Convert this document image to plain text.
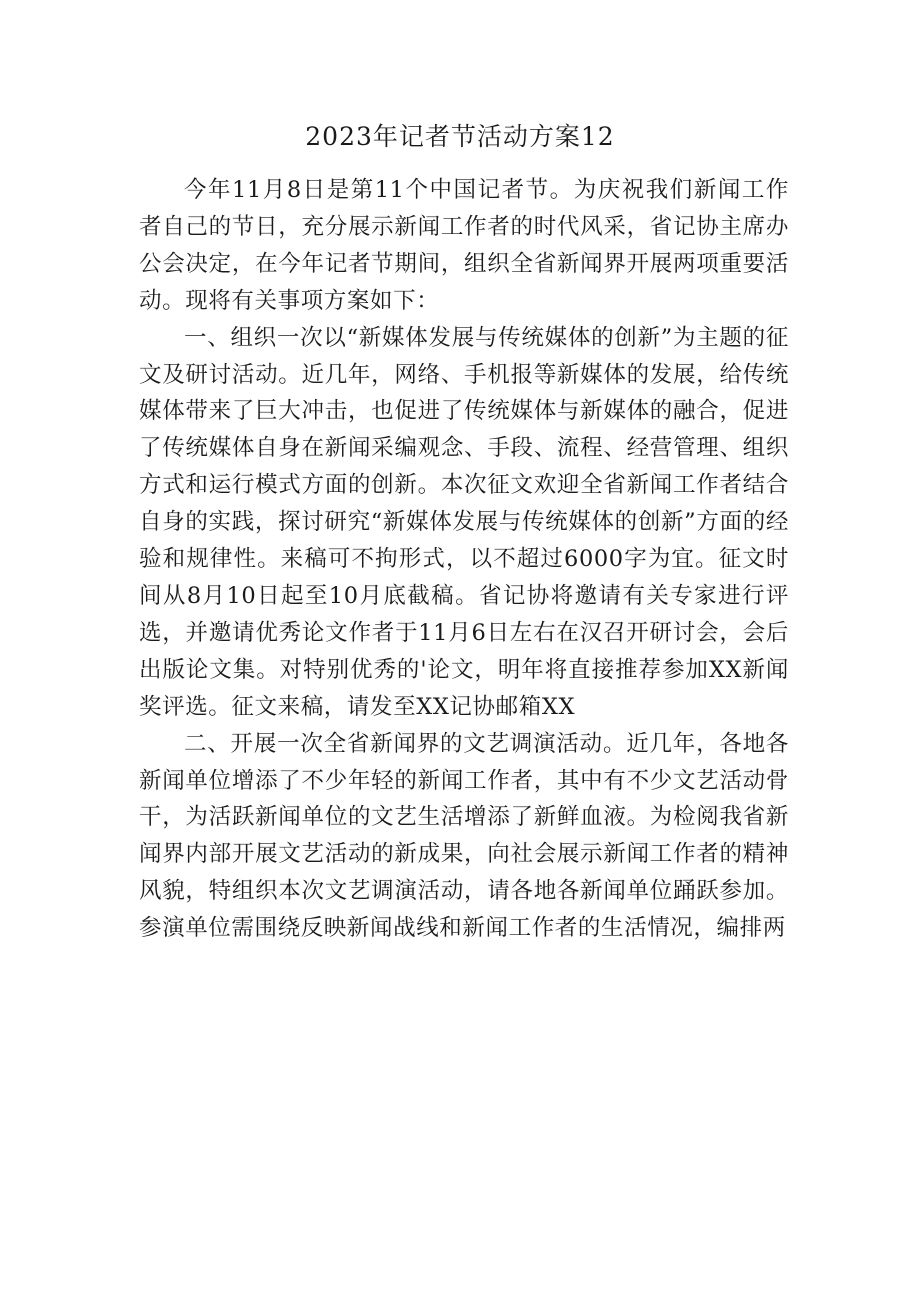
2023年记者节活动方案12

今年11月8日是第11个中国记者节。为庆祝我们新闻工作者自己的节日，充分展示新闻工作者的时代风采，省记协主席办公会决定，在今年记者节期间，组织全省新闻界开展两项重要活动。现将有关事项方案如下：

一、组织一次以“新媒体发展与传统媒体的创新”为主题的征文及研讨活动。近几年，网络、手机报等新媒体的发展，给传统媒体带来了巨大冲击，也促进了传统媒体与新媒体的融合，促进了传统媒体自身在新闻采编观念、手段、流程、经营管理、组织方式和运行模式方面的创新。本次征文欢迎全省新闻工作者结合自身的实践，探讨研究“新媒体发展与传统媒体的创新”方面的经验和规律性。来稿可不拘形式，以不超过6000字为宜。征文时间从8月10日起至10月底截稿。省记协将邀请有关专家进行评选，并邀请优秀论文作者于11月6日左右在汉召开研讨会，会后出版论文集。对特别优秀的'论文，明年将直接推荐参加XX新闻奖评选。征文来稿，请发至XX记协邮箱XX

二、开展一次全省新闻界的文艺调演活动。近几年，各地各新闻单位增添了不少年轻的新闻工作者，其中有不少文艺活动骨干，为活跃新闻单位的文艺生活增添了新鲜血液。为检阅我省新闻界内部开展文艺活动的新成果，向社会展示新闻工作者的精神风貌，特组织本次文艺调演活动，请各地各新闻单位踊跃参加。参演单位需围绕反映新闻战线和新闻工作者的生活情况，编排两
